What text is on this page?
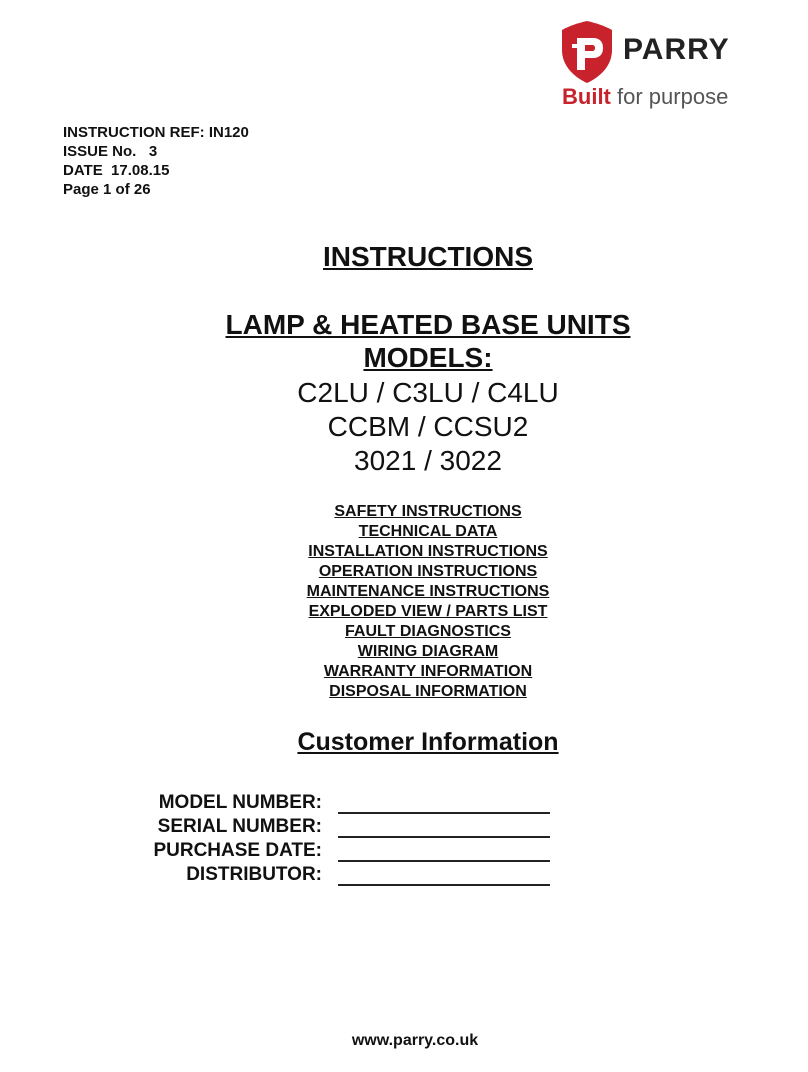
PARRY
Built for purpose
INSTRUCTION REF: IN120
ISSUE No.   3
DATE  17.08.15
Page 1 of 26
INSTRUCTIONS
LAMP & HEATED BASE UNITS
MODELS:
C2LU / C3LU / C4LU
CCBM / CCSU2
3021 / 3022
SAFETY INSTRUCTIONS
TECHNICAL DATA
INSTALLATION INSTRUCTIONS
OPERATION INSTRUCTIONS
MAINTENANCE INSTRUCTIONS
EXPLODED VIEW / PARTS LIST
FAULT DIAGNOSTICS
WIRING DIAGRAM
WARRANTY INFORMATION
DISPOSAL INFORMATION
Customer Information
MODEL NUMBER:
SERIAL NUMBER:
PURCHASE DATE:
DISTRIBUTOR:
www.parry.co.uk
